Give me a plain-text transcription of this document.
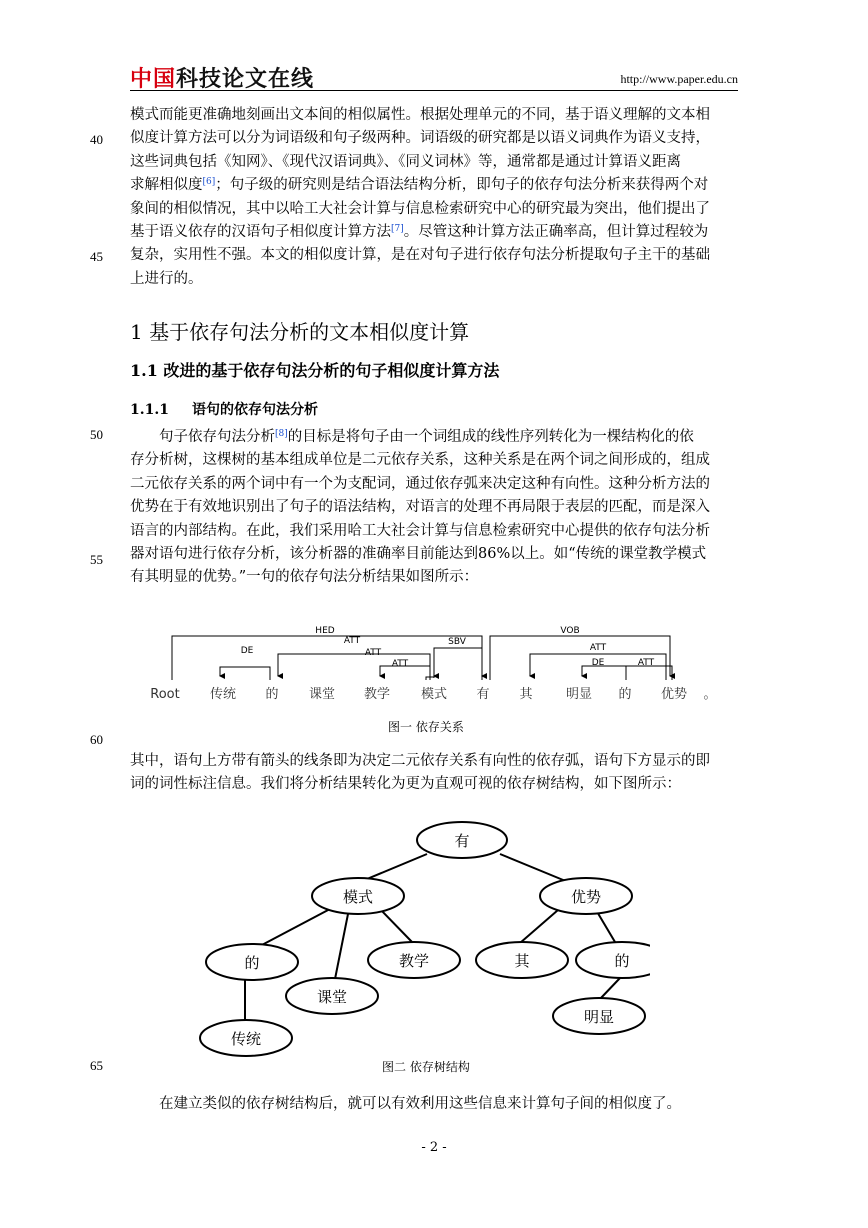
中国科技论文在线	http://www.paper.edu.cn
40
45
50
55
60
65
模式而能更准确地刻画出文本间的相似属性。根据处理单元的不同，基于语义理解的文本相
似度计算方法可以分为词语级和句子级两种。词语级的研究都是以语义词典作为语义支持，
这些词典包括《知网》、《现代汉语词典》、《同义词林》等，通常都是通过计算语义距离
求解相似度[6]；句子级的研究则是结合语法结构分析，即句子的依存句法分析来获得两个对
象间的相似情况，其中以哈工大社会计算与信息检索研究中心的研究最为突出，他们提出了
基于语义依存的汉语句子相似度计算方法[7]。尽管这种计算方法正确率高，但计算过程较为
复杂，实用性不强。本文的相似度计算，是在对句子进行依存句法分析提取句子主干的基础
上进行的。
1 基于依存句法分析的文本相似度计算
1.1 改进的基于依存句法分析的句子相似度计算方法
1.1.1 语句的依存句法分析
句子依存句法分析[8]的目标是将句子由一个词组成的线性序列转化为一棵结构化的依
存分析树，这棵树的基本组成单位是二元依存关系，这种关系是在两个词之间形成的，组成
二元依存关系的两个词中有一个为支配词，通过依存弧来决定这种有向性。这种分析方法的
优势在于有效地识别出了句子的语法结构，对语言的处理不再局限于表层的匹配，而是深入
语言的内部结构。在此，我们采用哈工大社会计算与信息检索研究中心提供的依存句法分析
器对语句进行依存分析，该分析器的准确率目前能达到86%以上。如“传统的课堂教学模式
有其明显的优势。”一句的依存句法分析结果如图所示：
HED
ATT
ATT
ATT
DE
SBV
VOB
ATT
DE	ATT
Root 传统 的 课堂 教学 模式 有 其	明显 的 优势 。
图一 依存关系
其中，语句上方带有箭头的线条即为决定二元依存关系有向性的依存弧，语句下方显示的即
词的词性标注信息。我们将分析结果转化为更为直观可视的依存树结构，如下图所示：
有
模式	优势
的	教学	其	的
课堂
明显
传统
图二 依存树结构
在建立类似的依存树结构后，就可以有效利用这些信息来计算句子间的相似度了。
- 2 -
